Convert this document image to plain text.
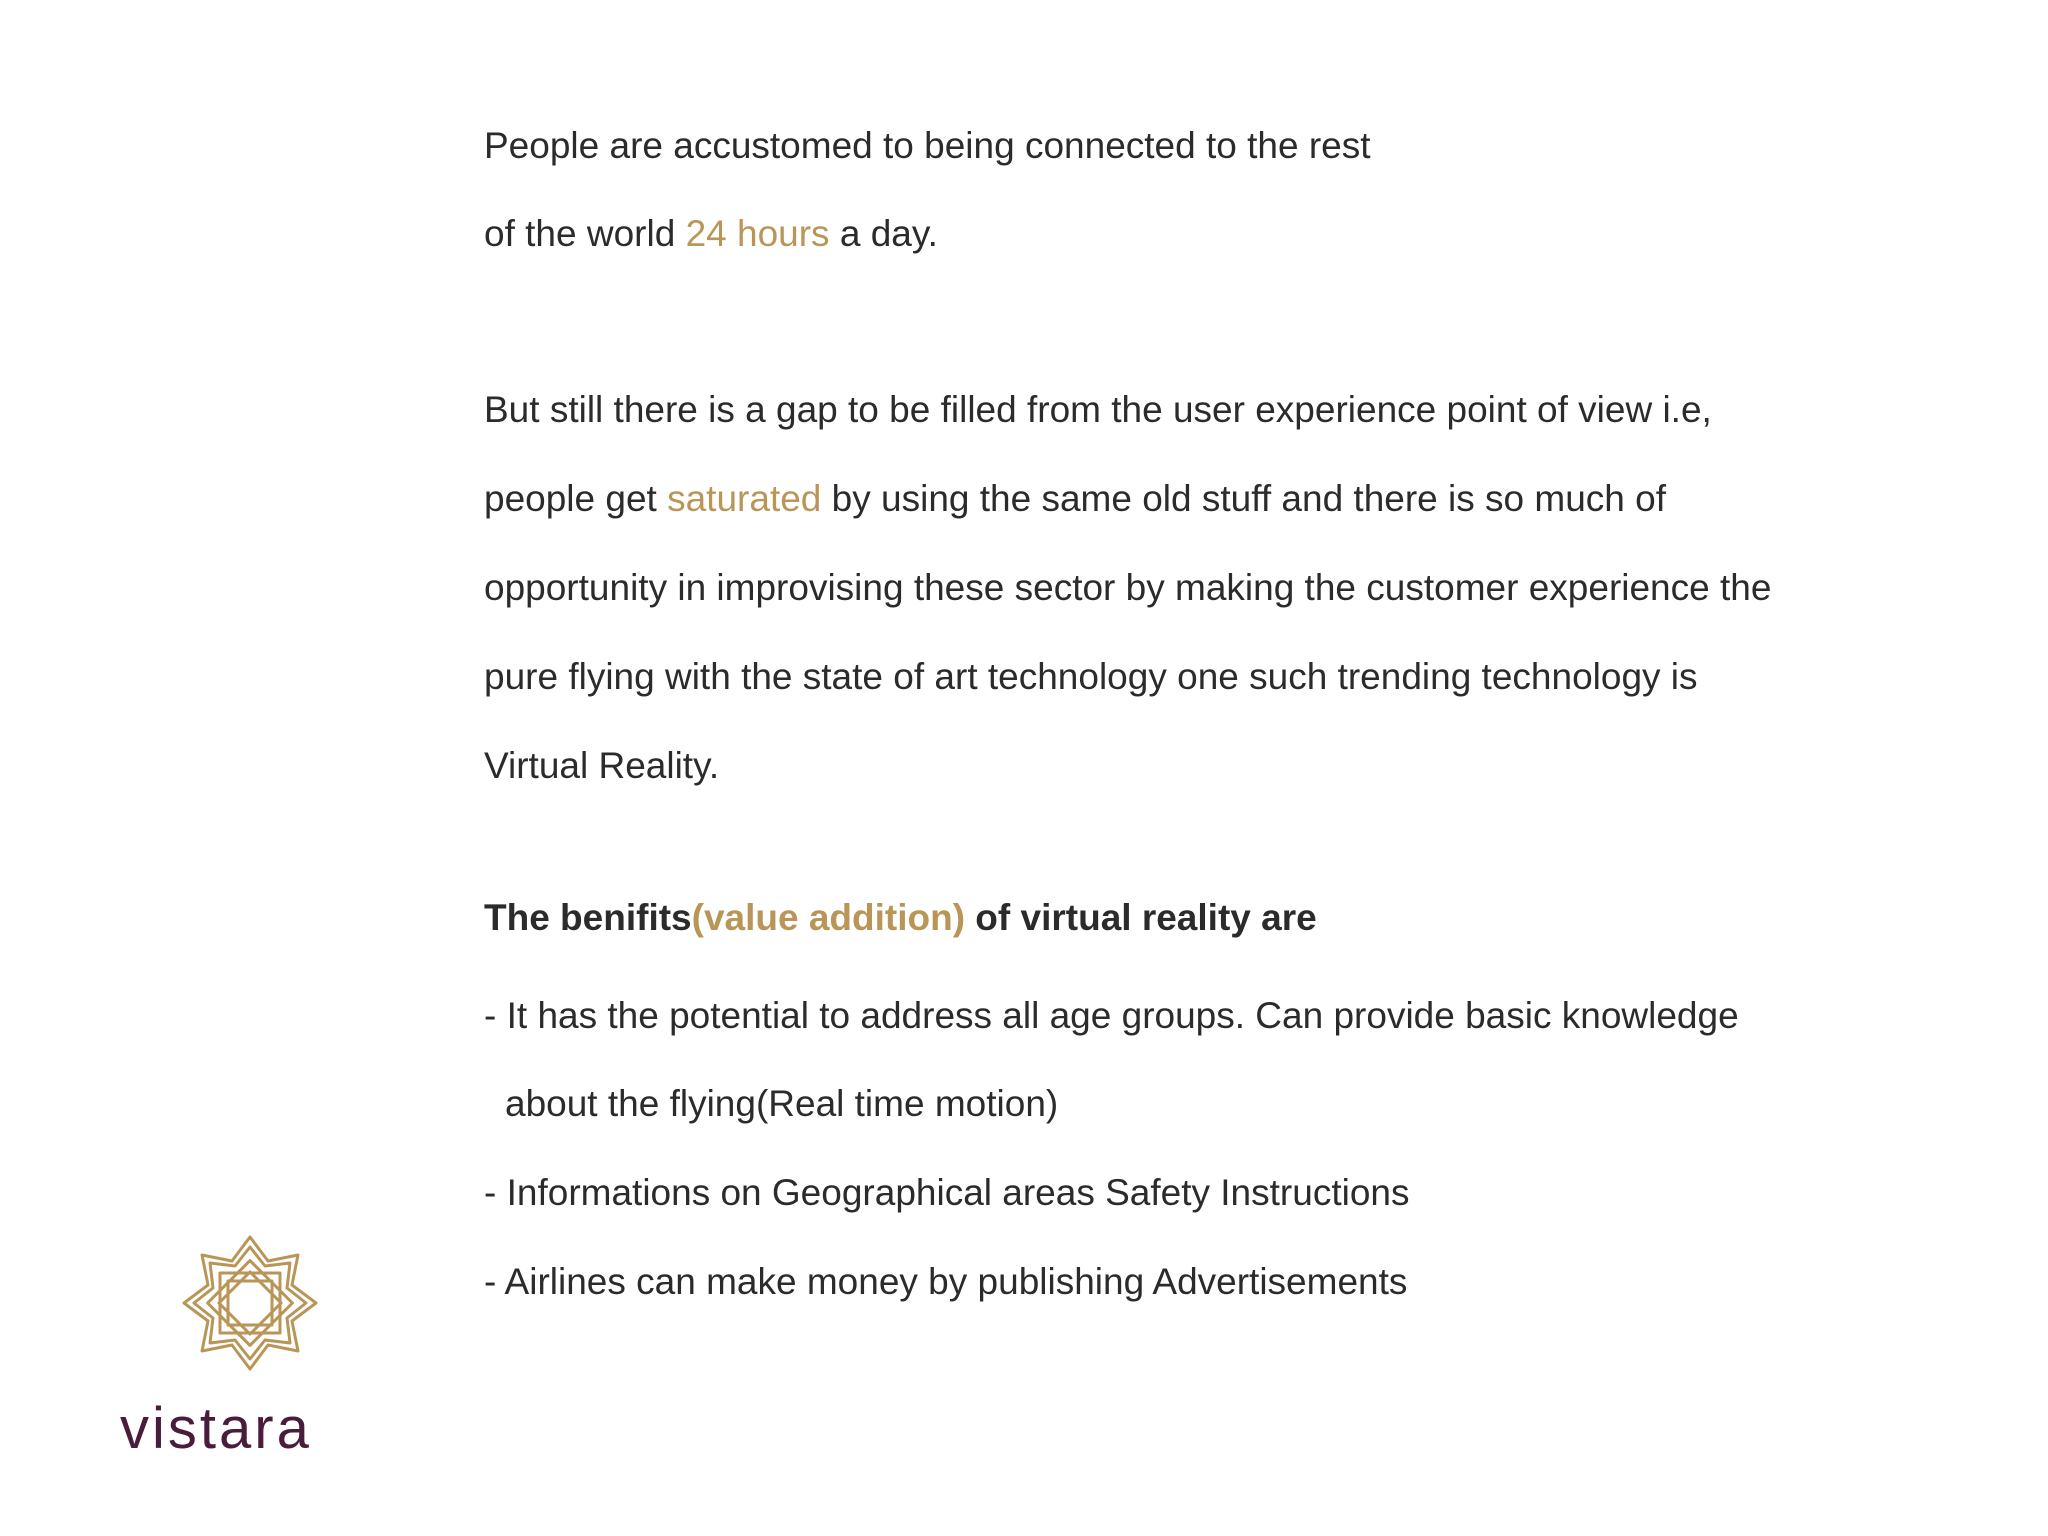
People are accustomed to being connected to the rest
of the world 24 hours a day.
But still there is a gap to be filled from the user experience point of view i.e,
people get saturated by using the same old stuff and there is so much of
opportunity in improvising these sector by making the customer experience the
pure flying with the state of art technology one such trending technology is
Virtual Reality.
The benifits(value addition) of virtual reality are
- It has the potential to address all age groups. Can provide basic knowledge
about the flying(Real time motion)
- Informations on Geographical areas Safety Instructions
- Airlines can make money by publishing Advertisements
vistara
